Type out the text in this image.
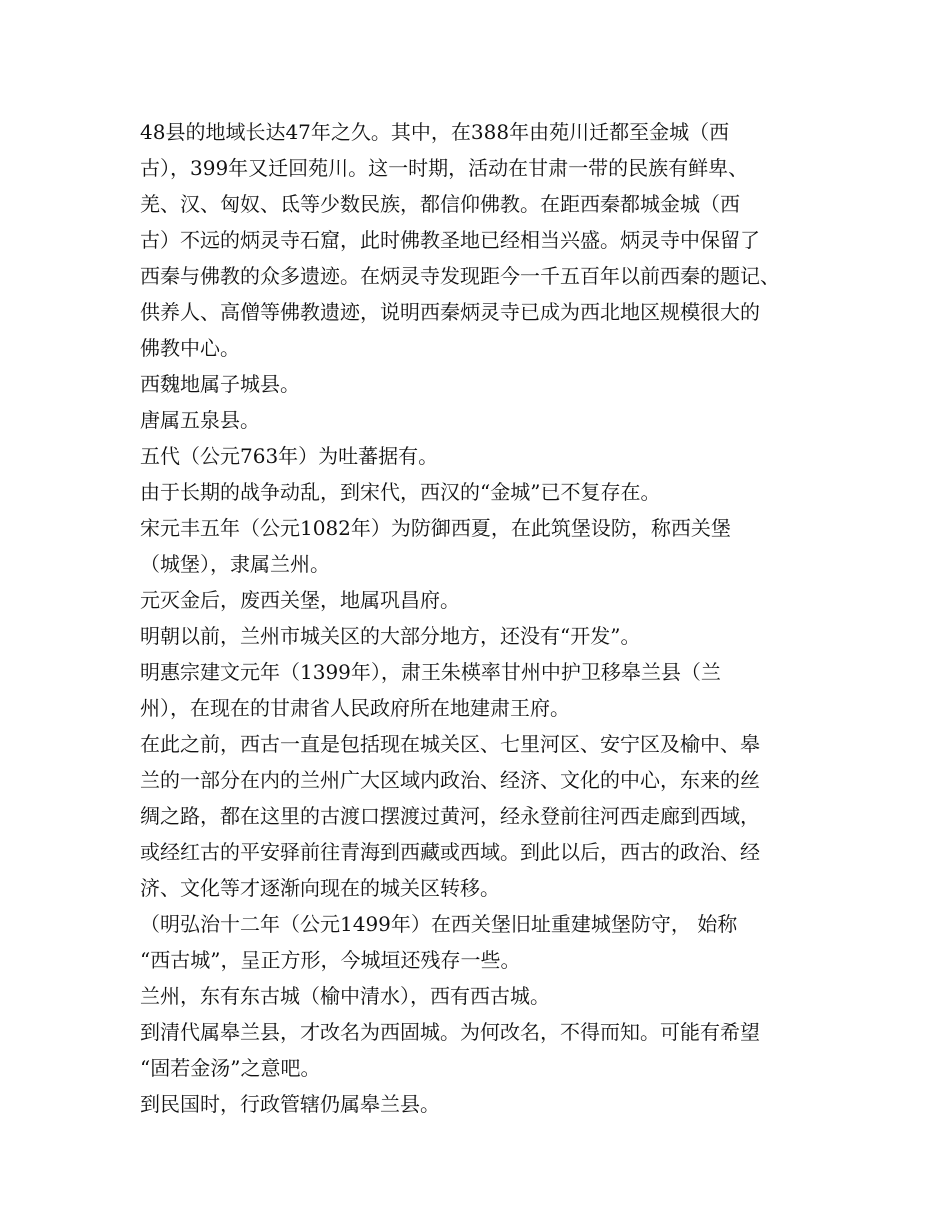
48县的地域长达47年之久。其中，在388年由苑川迁都至金城（西
古），399年又迁回苑川。这一时期，活动在甘肃一带的民族有鲜卑、
羌、汉、匈奴、氐等少数民族，都信仰佛教。在距西秦都城金城（西
古）不远的炳灵寺石窟，此时佛教圣地已经相当兴盛。炳灵寺中保留了
西秦与佛教的众多遗迹。在炳灵寺发现距今一千五百年以前西秦的题记、
供养人、高僧等佛教遗迹，说明西秦炳灵寺已成为西北地区规模很大的
佛教中心。
西魏地属子城县。
唐属五泉县。
五代（公元763年）为吐蕃据有。
由于长期的战争动乱，到宋代，西汉的“金城”已不复存在。
宋元丰五年（公元1082年）为防御西夏，在此筑堡设防，称西关堡
（城堡），隶属兰州。
元灭金后，废西关堡，地属巩昌府。
明朝以前，兰州市城关区的大部分地方，还没有“开发”。
明惠宗建文元年（1399年），肃王朱楧率甘州中护卫移皋兰县（兰
州），在现在的甘肃省人民政府所在地建肃王府。
在此之前，西古一直是包括现在城关区、七里河区、安宁区及榆中、皋
兰的一部分在内的兰州广大区域内政治、经济、文化的中心，东来的丝
绸之路，都在这里的古渡口摆渡过黄河，经永登前往河西走廊到西域，
或经红古的平安驿前往青海到西藏或西域。到此以后，西古的政治、经
济、文化等才逐渐向现在的城关区转移。
（明弘治十二年（公元1499年）在西关堡旧址重建城堡防守， 始称
“西古城”，呈正方形，今城垣还残存一些。
兰州，东有东古城（榆中清水），西有西古城。
到清代属皋兰县，才改名为西固城。为何改名，不得而知。可能有希望
“固若金汤”之意吧。
到民国时，行政管辖仍属皋兰县。
